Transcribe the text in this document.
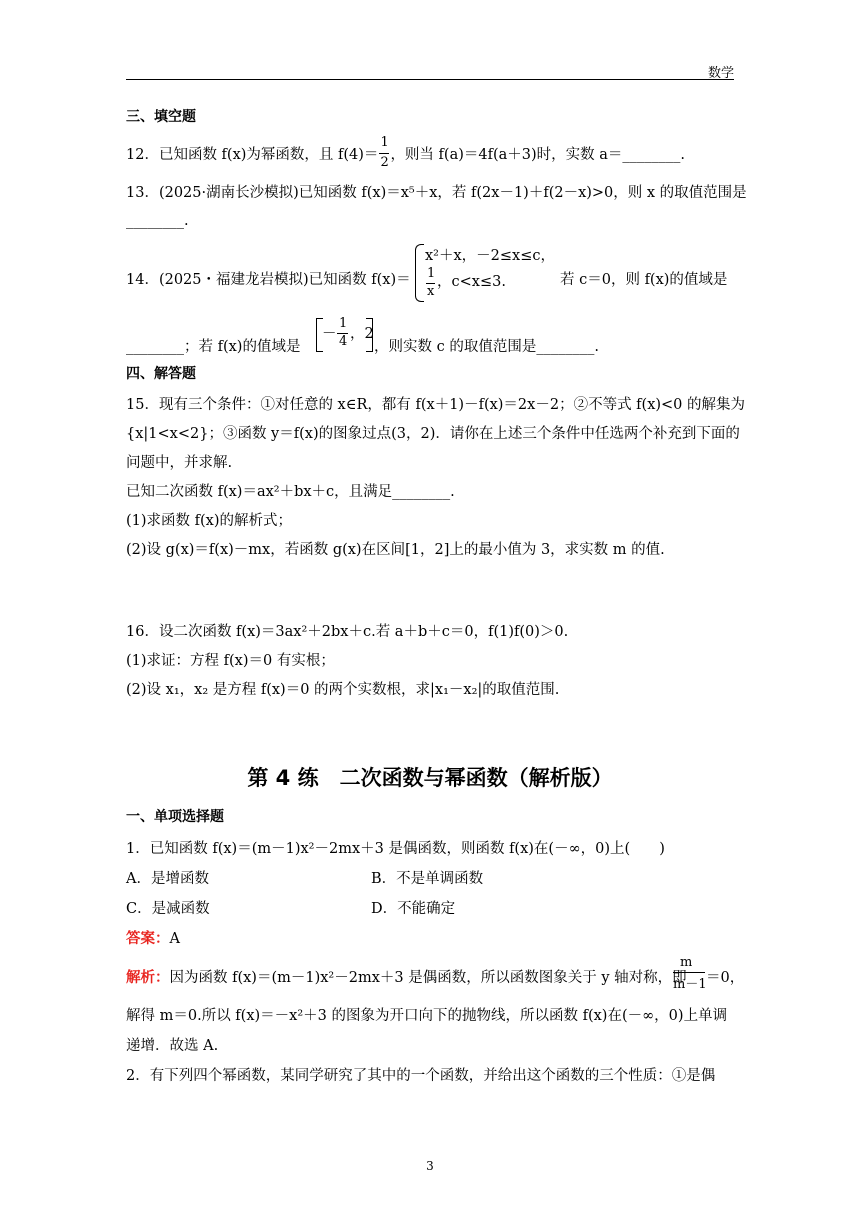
数学
三、填空题
12．已知函数 f(x)为幂函数，且 $f(4)= \frac{1}{2}$ ，则当 f(a)＝4f(a＋3)时，实数 a＝________.
13．(2025·湖南长沙模拟)已知函数 f(x)＝x⁵＋x，若 f(2x－1)＋f(2－x)>0，则 x 的取值范围是
________.
14．(2025・福建龙岩模拟)已知函数 f(x)＝
x²＋x，－2≤x≤c，
1
，c<x≤3.
x
若 c＝0，则 f(x)的值域是
________；若 f(x)的值域是
－
1
4 ，2
，则实数 c 的取值范围是________.
四、解答题
15．现有三个条件：①对任意的 x∈R，都有 f(x＋1)－f(x)＝2x－2；②不等式 f(x)<0 的解集为
{x|1<x<2}；③函数 y＝f(x)的图象过点(3，2)．请你在上述三个条件中任选两个补充到下面的
问题中，并求解.
已知二次函数 f(x)＝ax²＋bx＋c，且满足________.
(1)求函数 f(x)的解析式；
(2)设 g(x)＝f(x)－mx，若函数 g(x)在区间[1，2]上的最小值为 3，求实数 m 的值.
16．设二次函数 f(x)＝3ax²＋2bx＋c.若 a＋b＋c＝0，f(1)f(0)＞0.
(1)求证：方程 f(x)＝0 有实根；
(2)设 x₁，x₂ 是方程 f(x)＝0 的两个实数根，求|x₁－x₂|的取值范围.
第 4 练　二次函数与幂函数（解析版）
一、单项选择题
1．已知函数 f(x)＝(m－1)x²－2mx＋3 是偶函数，则函数 f(x)在(－∞，0)上(　　)
A．是增函数	B．不是单调函数
C．是减函数	D．不能确定
答案：A
解析：因为函数 f(x)＝(m－1)x²－2mx＋3 是偶函数，所以函数图象关于 y 轴对称，即
m
m－1 ＝0，
解得 m＝0.所以 f(x)＝－x²＋3 的图象为开口向下的抛物线，所以函数 f(x)在(－∞，0)上单调
递增．故选 A.
2．有下列四个幂函数，某同学研究了其中的一个函数，并给出这个函数的三个性质：①是偶
3
